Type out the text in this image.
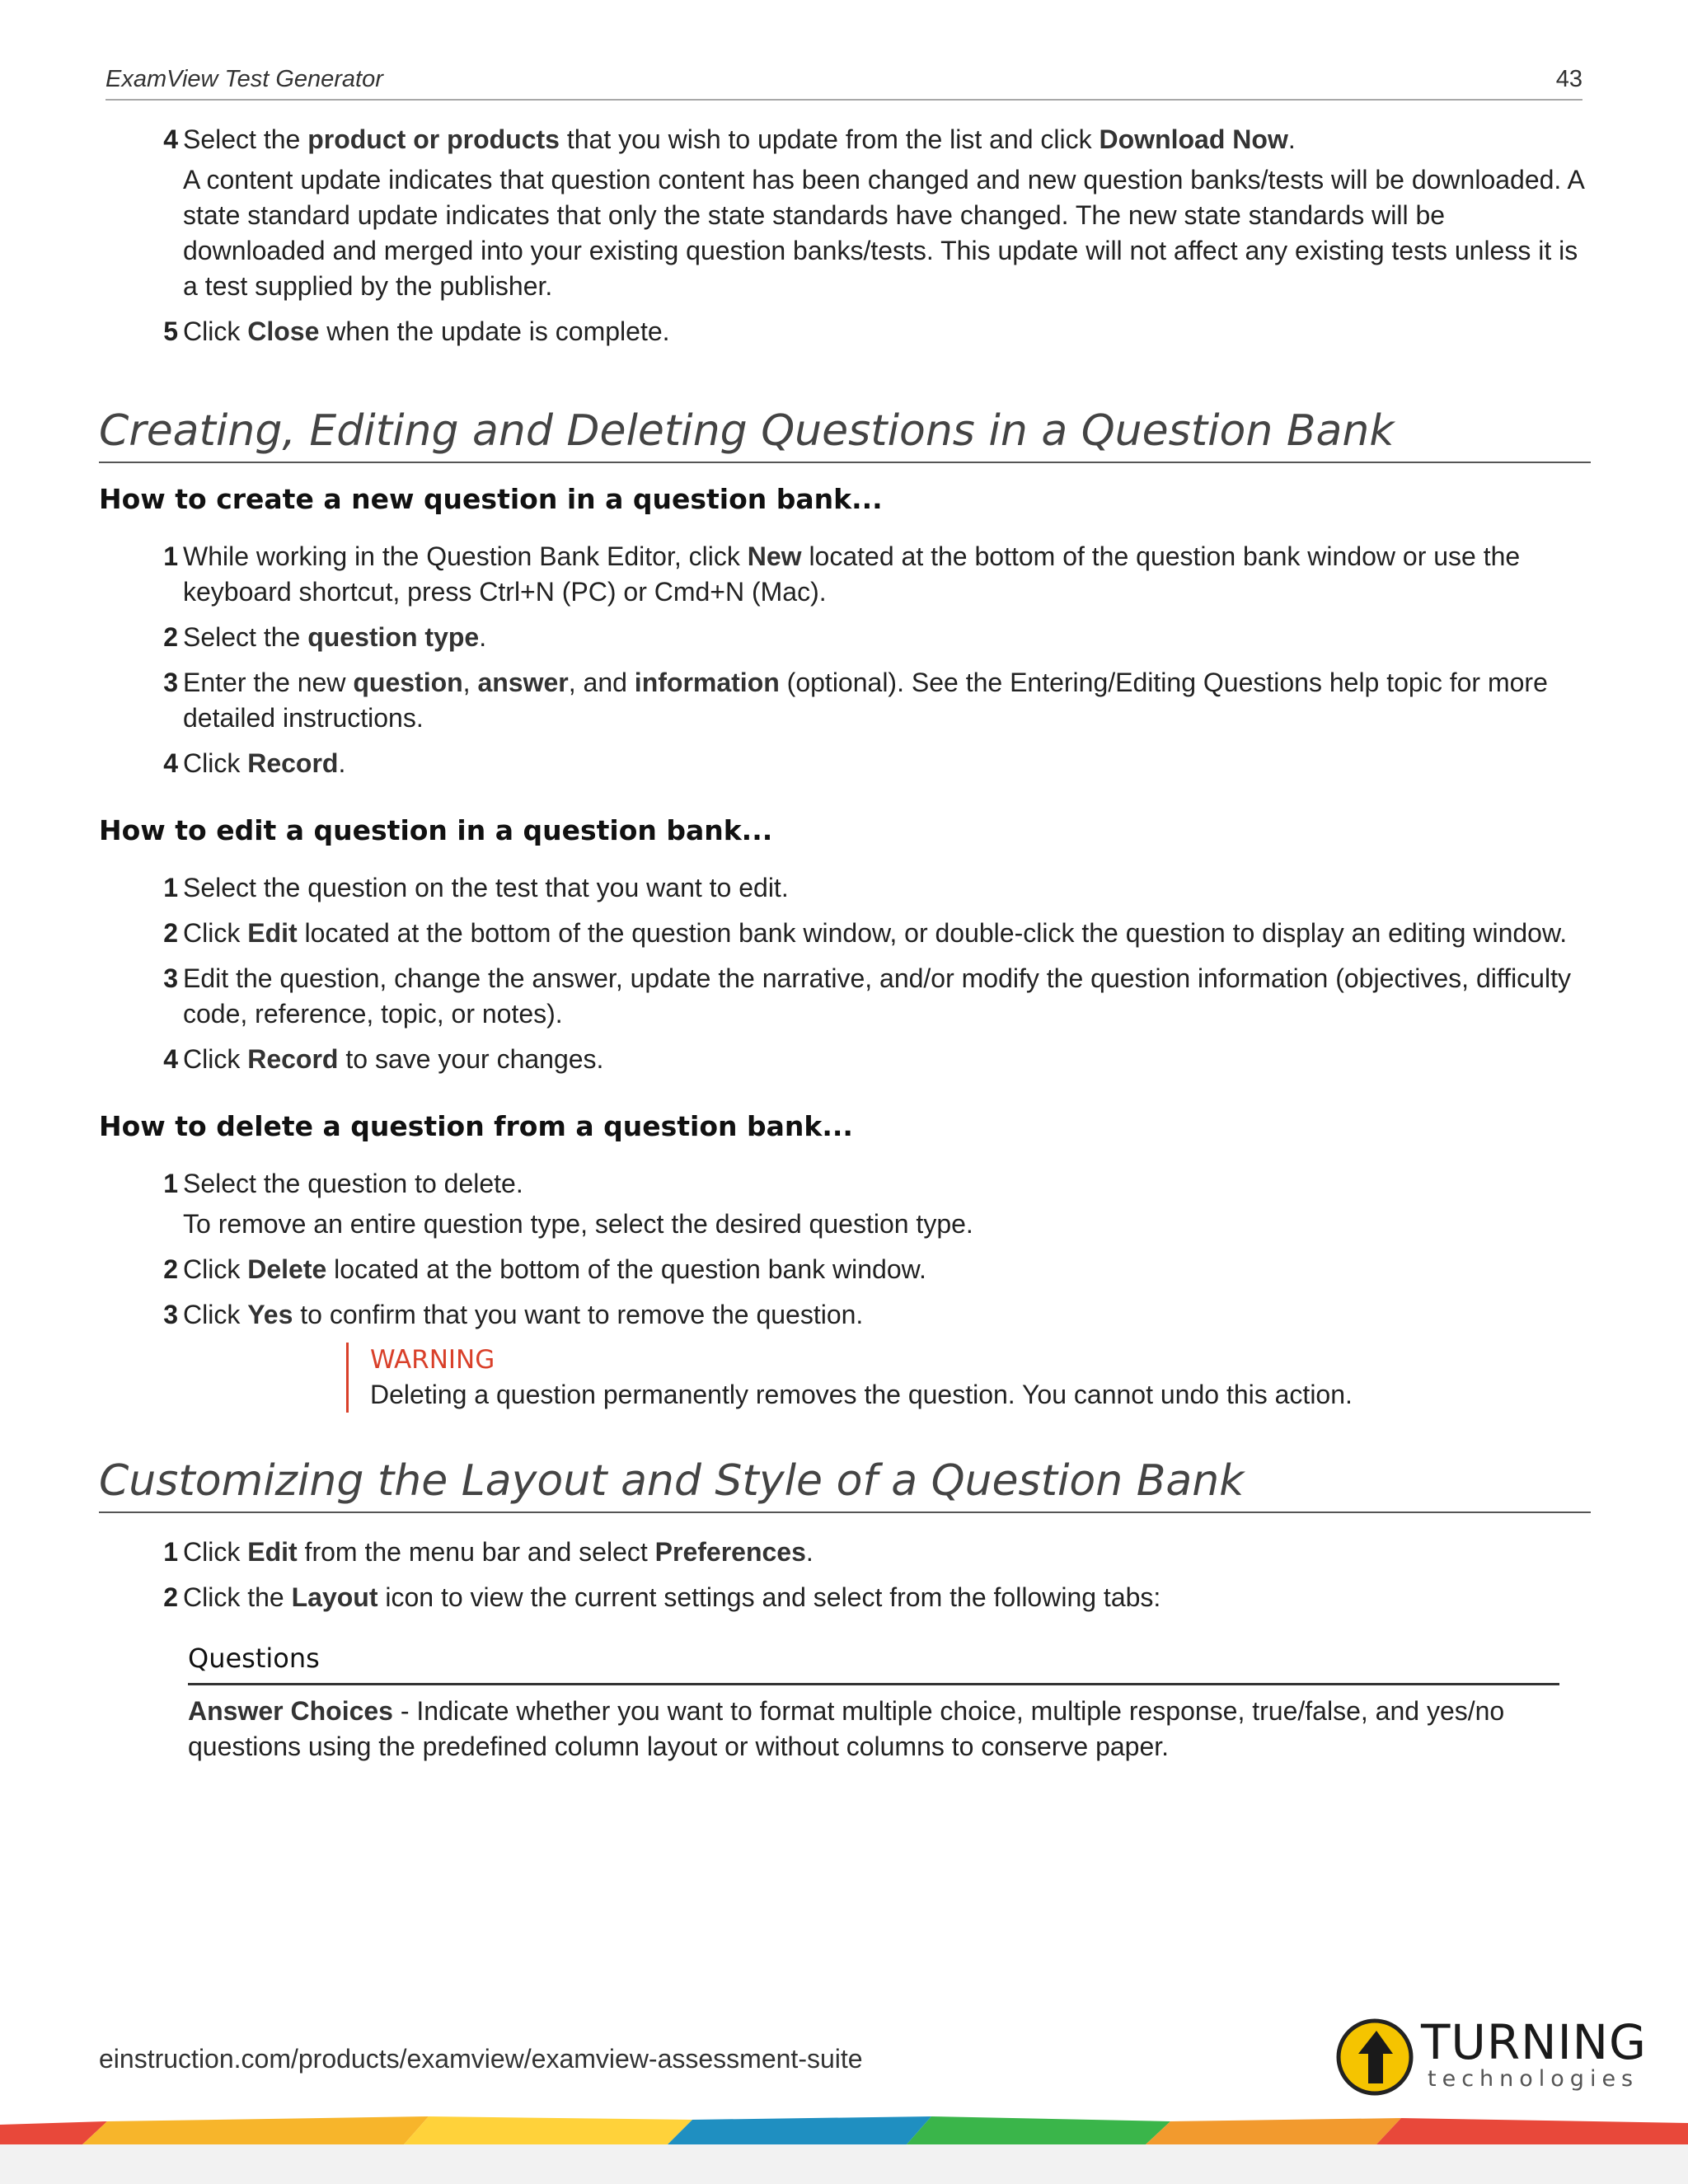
ExamView Test Generator	43
4 Select the product or products that you wish to update from the list and click Download Now.
A content update indicates that question content has been changed and new question banks/tests will be downloaded. A state standard update indicates that only the state standards have changed. The new state standards will be downloaded and merged into your existing question banks/tests. This update will not affect any existing tests unless it is a test supplied by the publisher.
5 Click Close when the update is complete.
Creating, Editing and Deleting Questions in a Question Bank
How to create a new question in a question bank...
1 While working in the Question Bank Editor, click New located at the bottom of the question bank window or use the keyboard shortcut, press Ctrl+N (PC) or Cmd+N (Mac).
2 Select the question type.
3 Enter the new question, answer, and information (optional). See the Entering/Editing Questions help topic for more detailed instructions.
4 Click Record.
How to edit a question in a question bank...
1 Select the question on the test that you want to edit.
2 Click Edit located at the bottom of the question bank window, or double-click the question to display an editing window.
3 Edit the question, change the answer, update the narrative, and/or modify the question information (objectives, difficulty code, reference, topic, or notes).
4 Click Record to save your changes.
How to delete a question from a question bank...
1 Select the question to delete.
To remove an entire question type, select the desired question type.
2 Click Delete located at the bottom of the question bank window.
3 Click Yes to confirm that you want to remove the question.
WARNING
Deleting a question permanently removes the question. You cannot undo this action.
Customizing the Layout and Style of a Question Bank
1 Click Edit from the menu bar and select Preferences.
2 Click the Layout icon to view the current settings and select from the following tabs:
Questions
Answer Choices - Indicate whether you want to format multiple choice, multiple response, true/false, and yes/no questions using the predefined column layout or without columns to conserve paper.
einstruction.com/products/examview/examview-assessment-suite	TURNING
technologies
